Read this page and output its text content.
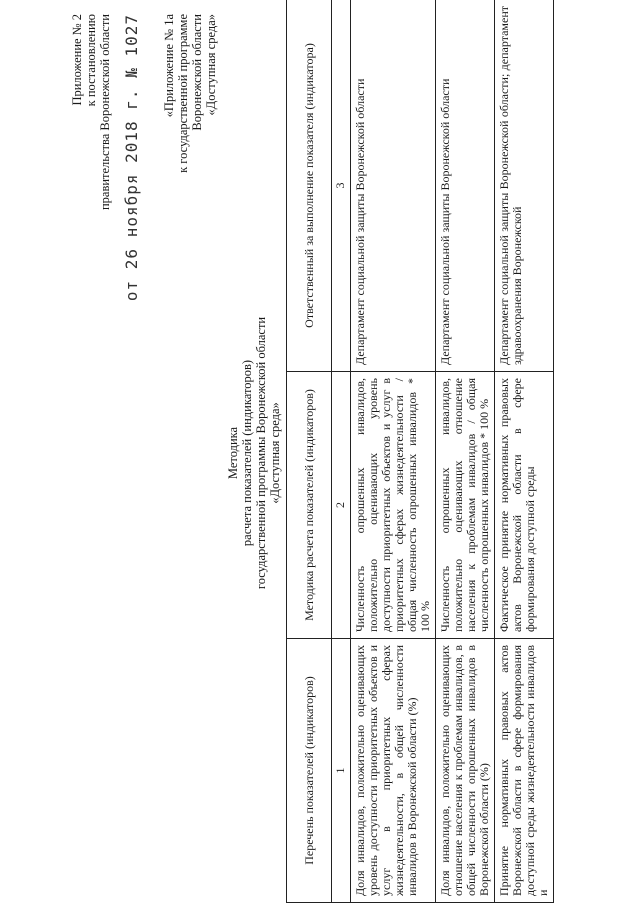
Приложение № 2 к постановлению правительства Воронежской области от 26 ноября 2018 г. № 1027 «Приложение № 1а к государственной программе Воронежской области «Доступная среда»
Методика расчета показателей (индикаторов) государственной программы Воронежской области «Доступная среда»
Перечень показателей (индикаторов)	Методика расчета показателей (индикаторов)	Ответственный за выполнение показателя (индикатора)
1	2	3
Доля инвалидов, положительно оценивающих уровень доступности приоритетных объектов и услуг в приоритетных сферах жизнедеятельности, в общей численности инвалидов в Воронежской области (%)	Численность опрошенных инвалидов, положительно оценивающих уровень доступности приоритетных объектов и услуг в приоритетных сферах жизнедеятельности / общая численность опрошенных инвалидов * 100 %	Департамент социальной защиты Воронежской области
Доля инвалидов, положительно оценивающих отношение населения к проблемам инвалидов, в общей численности опрошенных инвалидов в Воронежской области (%)	Численность опрошенных инвалидов, положительно оценивающих отношение населения к проблемам инвалидов / общая численность опрошенных инвалидов * 100 %	Департамент социальной защиты Воронежской области
Принятие нормативных правовых актов Воронежской области в сфере формирования доступной среды жизнедеятельности инвалидов и	Фактическое принятие нормативных правовых актов Воронежской области в сфере формирования доступной среды	Департамент социальной защиты Воронежской области; департамент здравоохранения Воронежской
